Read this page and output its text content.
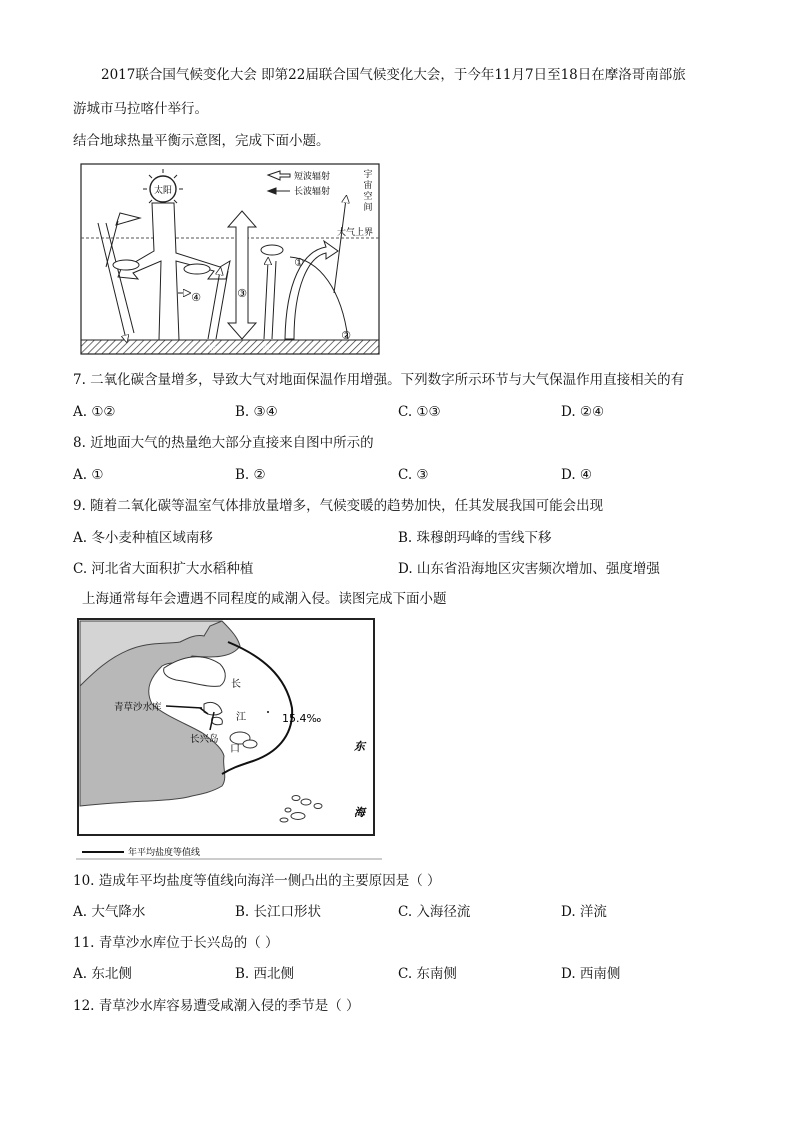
2017联合国气候变化大会 即第22届联合国气候变化大会，于今年11月7日至18日在摩洛哥南部旅
游城市马拉喀什举行。
结合地球热量平衡示意图，完成下面小题。
太阳
④	③
①
②
短波辐射
长波辐射
宇
宙
空
间
大气上界
地	面
7. 二氧化碳含量增多，导致大气对地面保温作用增强。下列数字所示环节与大气保温作用直接相关的有
A. ①②	B. ③④	C. ①③	D. ②④
8. 近地面大气的热量绝大部分直接来自图中所示的
A. ①	B. ②	C. ③	D. ④
9. 随着二氧化碳等温室气体排放量增多，气候变暖的趋势加快，任其发展我国可能会出现
A. 冬小麦种植区域南移	B. 珠穆朗玛峰的雪线下移
C. 河北省大面积扩大水稻种植	D. 山东省沿海地区灾害频次增加、强度增强
上海通常每年会遭遇不同程度的咸潮入侵。读图完成下面小题
青草沙水库
长兴岛
长
江
口
15.4‰
东
海
年平均盐度等值线
10. 造成年平均盐度等值线向海洋一侧凸出的主要原因是（ ）
A. 大气降水	B. 长江口形状	C. 入海径流	D. 洋流
11. 青草沙水库位于长兴岛的（ ）
A. 东北侧	B. 西北侧	C. 东南侧	D. 西南侧
12. 青草沙水库容易遭受咸潮入侵的季节是（ ）
